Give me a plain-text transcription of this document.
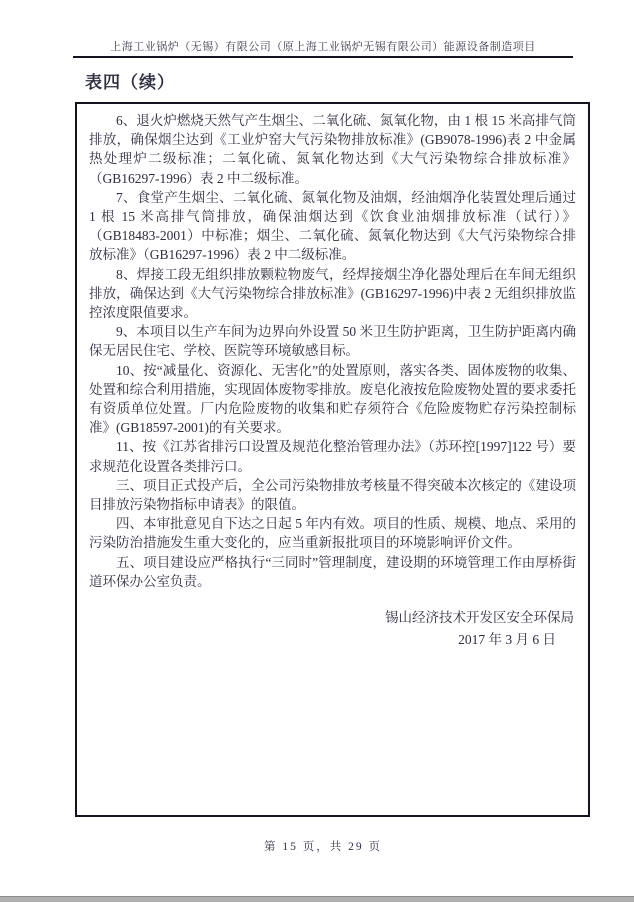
上海工业锅炉（无锡）有限公司（原上海工业锅炉无锡有限公司）能源设备制造项目
表四（续）

6、退火炉燃烧天然气产生烟尘、二氧化硫、氮氧化物，由 1 根 15 米高排气筒排放，确保烟尘达到《工业炉窑大气污染物排放标准》(GB9078-1996)表 2 中金属热处理炉二级标准；二氧化硫、氮氧化物达到《大气污染物综合排放标准》（GB16297-1996）表 2 中二级标准。

7、食堂产生烟尘、二氧化硫、氮氧化物及油烟，经油烟净化装置处理后通过 1 根 15 米高排气筒排放，确保油烟达到《饮食业油烟排放标准（试行）》（GB18483-2001）中标准；烟尘、二氧化硫、氮氧化物达到《大气污染物综合排放标准》（GB16297-1996）表 2 中二级标准。

8、焊接工段无组织排放颗粒物废气，经焊接烟尘净化器处理后在车间无组织排放，确保达到《大气污染物综合排放标准》(GB16297-1996)中表 2 无组织排放监控浓度限值要求。

9、本项目以生产车间为边界向外设置 50 米卫生防护距离，卫生防护距离内确保无居民住宅、学校、医院等环境敏感目标。

10、按“减量化、资源化、无害化”的处置原则，落实各类、固体废物的收集、处置和综合利用措施，实现固体废物零排放。废皂化液按危险废物处置的要求委托有资质单位处置。厂内危险废物的收集和贮存须符合《危险废物贮存污染控制标准》(GB18597-2001)的有关要求。

11、按《江苏省排污口设置及规范化整治管理办法》（苏环控[1997]122 号）要求规范化设置各类排污口。

三、项目正式投产后，全公司污染物排放考核量不得突破本次核定的《建设项目排放污染物指标申请表》的限值。

四、本审批意见自下达之日起 5 年内有效。项目的性质、规模、地点、采用的污染防治措施发生重大变化的，应当重新报批项目的环境影响评价文件。

五、项目建设应严格执行“三同时”管理制度，建设期的环境管理工作由厚桥街道环保办公室负责。

锡山经济技术开发区安全环保局
2017 年 3 月 6 日
第 15 页，共 29 页
